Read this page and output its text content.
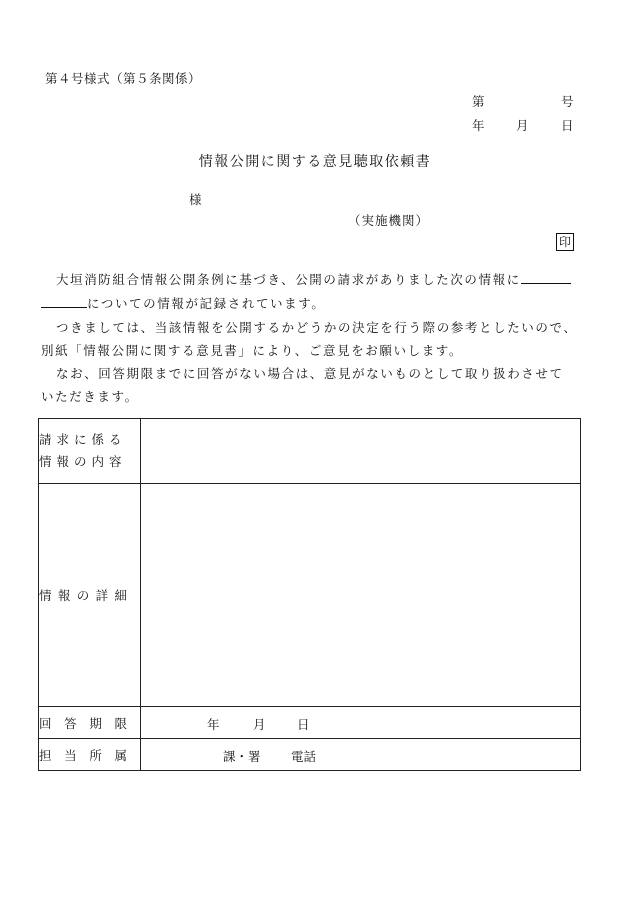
第４号様式（第５条関係）
第	号
年	月	日
情報公開に関する意見聴取依頼書
様
（実施機関）
印
大垣消防組合情報公開条例に基づき、公開の請求がありました次の情報に
についての情報が記録されています。
つきましては、当該情報を公開するかどうかの決定を行う際の参考としたいので、
別紙「情報公開に関する意見書」により、ご意見をお願いします。
なお、回答期限までに回答がない場合は、意見がないものとして取り扱わさせて
いただきます。
請求に係る
情報の内容	

情 報 の 詳 細	

回 答 期 限	年 月 日

担 当 所 属	課・署 電話
